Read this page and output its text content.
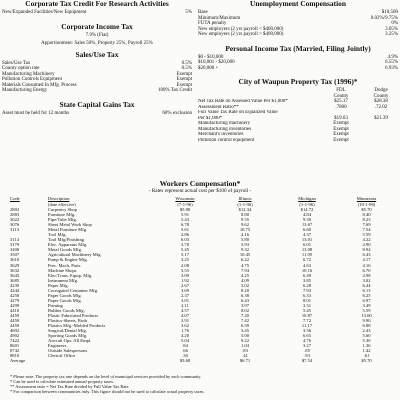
Corporate Tax Credit For Research Activities
New/Expanded Facilities/New Equipment	5%
Corporate Income Tax
7.9% (Flat)
Apportionment: Sales 50%, Property 25%, Payroll 25%
Sales/Use Tax
Sales/Use Tax	0.5%
County option rate	0.5%
Manufacturing Machinery	Exempt
Pollution Controls Equipment	Exempt
Materials Consumed In Mfg. Process	Exempt
Manufacturing Energy	100% Tax Credit
State Capital Gains Tax
Asset must be held for 12 months	60% exclusion
Unemployment Compensation
Base	$10,500
Minimum/Maximum	0.02%/9.75%
FUTA penalty	0%
New employers (2 yrs payroll < $400,000)	3.05%
New employers (2 yrs payroll > $400,000)	3.25%
Personal Income Tax (Married, Filing Jointly)
$0 - $10,000	4.9%
$10,001 - $20,000	6.55%
$20,000 +	6.93%
City of Waupun Property Tax (1996)*
FDL	Dodge
County	County
Net Tax Rate on Assessed Value Per $1,000*	$25.17	$28.38
Assessment Ratio**	.7800	.72.02
Full Value Tax Rate on Equalized Value
Per $1,000*	$19.63	$21.39
Manufacturing machinery	Exempt
Manufacturing inventories	Exempt
Merchant's inventories	Exempt
Pollution control equipment	Exempt
Workers Compensation*
- Rates represent actual cost per $100 of payroll -
Code	Description	Wisconsin	Illinois	Michigan	Minnesota
	(date effective)	(7-1-96)	(1-1-96)	(1-1-96)	(10-1-96)
2802	Carpentry Shop	$5.80	$12.34	$14.72	$5.70
2883	Furniture Mfg.	5.91	8.80	4.84	8.40
3022	Pipe/Tube Mfg.	5.43	9.35	9.30	8.23
3076	Sheet Metal Work Shop	6.78	9.62	13.67	7.69
3113	Metal Furniture Mfg.	5.61	10.75	6.60	7.54
	Tool Mfg.	2.86	4.16	4.37	5.59
3114	Tool Mfg/Finishing	6.03	5.80	13.01	4.22
3179	Elec. Apparatus Mfg.	3.70	3.93	6.01	4.90
3400	Metal Goods Mfg.	5.45	9.32	13.08	8.94
3507	Agricultural Machinery Mfg.	5.17	10.45	11.09	6.43
3610	Pump & Engine Mfg.	3.25	6.22	6.72	4.17
3629	Prec. Mach. Parts	2.08	4.75	4.63	4.16
3632	Machine Shops	3.55	7.94	10.16	6.70
3643	Elec/Trans. Equip. Mfg.	3.09	4.25	6.49	4.98
3685	Instrument Mfg.	1.92	4.09	3.85	3.02
4239	Paper Mfg.	2.67	5.02	6.28	6.44
4244	Corrugated Container Mfg.	3.69	8.20	7.93	6.13
4250	Paper Goods Mfg.	2.37	6.38	6.33	6.25
4279	Paper Goods Mfg.	3.01	6.43	8.01	6.97
4299	Printing	2.11	3.97	3.31	3.49
4410	Rubber Goods Mfg.	4.57	8.02	5.45	5.59
4459	Plastic Fabricated Products	4.07	7.20	10.87	13.00
4459	Plastics-Sheets, Rods	3.91	7.42	7.72	9.90
4459	Plastics Mfg.-Molded Products	3.62	6.39	11.17	6.88
4692	Surgical/Dental Mfg.	1.76	3.45	3.56	2.43
4902	Sporting Goods Mfg.	4.20	5.00	6.65	5.60
7422	Aircraft Ops: All Empl.	5.04	9.22	4.76	5.30
8601	Engineers	.84	1.04	3.27	1.36
8742	Outside Salespersons	.66	.83	.85	1.42
8810	Clerical Office	.30	.41	.93	.61
Average		$3.68	$6.71	$7.54	$5.70
* Please note: The property tax rate depends on the level of municipal services provided by each community.
* Can be used to calculate estimated annual property taxes.
** Assessment ratio = Net Tax Rate divided by Full Value Tax Rate.
* For comparison between communities only. This figure should not be used to calculate actual property taxes.
